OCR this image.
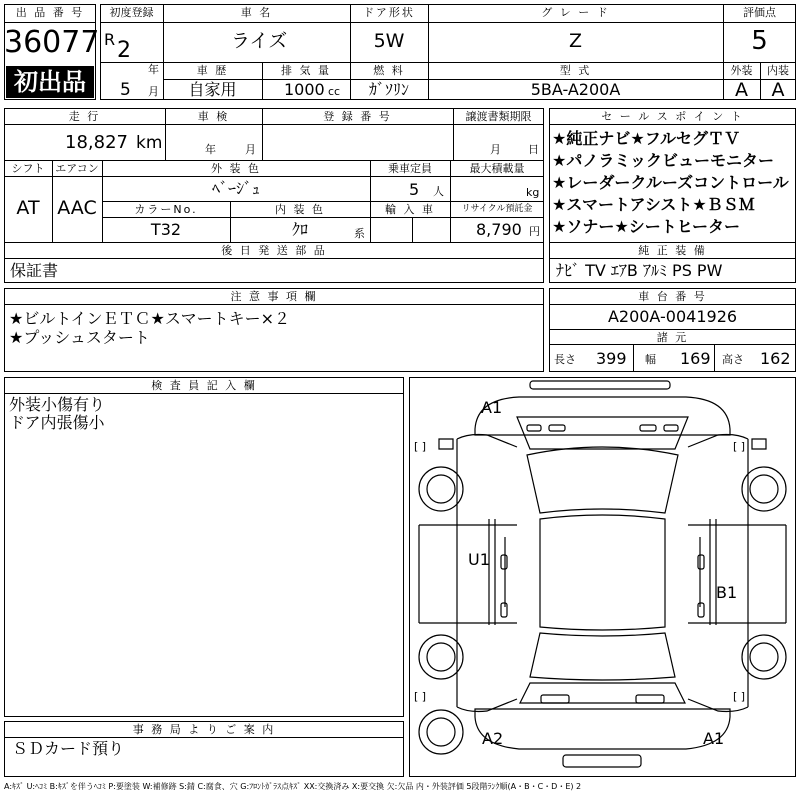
出 品 番 号
36077
初出品
初度登録
R 2
年
5 月
車 名
ライズ
ドア形状
5W
グ レ ー ド
Z
評価点
5
車 歴
自家用
排 気 量
1000 cc
燃 料
ｶﾞｿﾘﾝ
型 式
5BA-A200A
外装
A
内装
A
走 行
18,827 km
車 検
年	月
登 録 番 号	譲渡書類期限
月 日
シフト
AT
エアコン
AAC
外 装 色
ﾍﾞｰｼﾞｭ
乗車定員
5 人
最大積載量
kg
カラーNo.
T32
内 装 色
ｸﾛ	系
輸 入 車	リサイクル預託金
8,790 円
後 日 発 送 部 品
保証書
セ ー ル ス ポ イ ン ト
★純正ナビ★フルセグＴＶ
★パノラミックビューモニター
★レーダークルーズコントロール
★スマートアシスト★ＢＳＭ
★ソナー★シートヒーター
純 正 装 備
ﾅﾋﾞ TV ｴｱB ｱﾙﾐ PS PW
注 意 事 項 欄
★ビルトインＥＴＣ★スマートキー×２
★プッシュスタート
車 台 番 号
A200A-0041926
諸 元
長さ 399 幅 169 高さ 162
検 査 員 記 入 欄
外装小傷有り
ドア内張傷小
事 務 局 よ り ご 案 内
ＳＤカード預り
[ ]	[ ]
[ ]	[ ]
A1
U1
B1
A2	A1
A:ｷｽﾞ U:ﾍｺﾐ B:ｷｽﾞを伴うﾍｺﾐ P:要塗装 W:補修跡 S:錆 C:腐食、穴 G:ﾌﾛﾝﾄｶﾞﾗｽ点ｷｽﾞ XX:交換済み X:要交換 欠:欠品 内・外装評価 5段階ﾗﾝｸ順(A・B・C・D・E) 2
